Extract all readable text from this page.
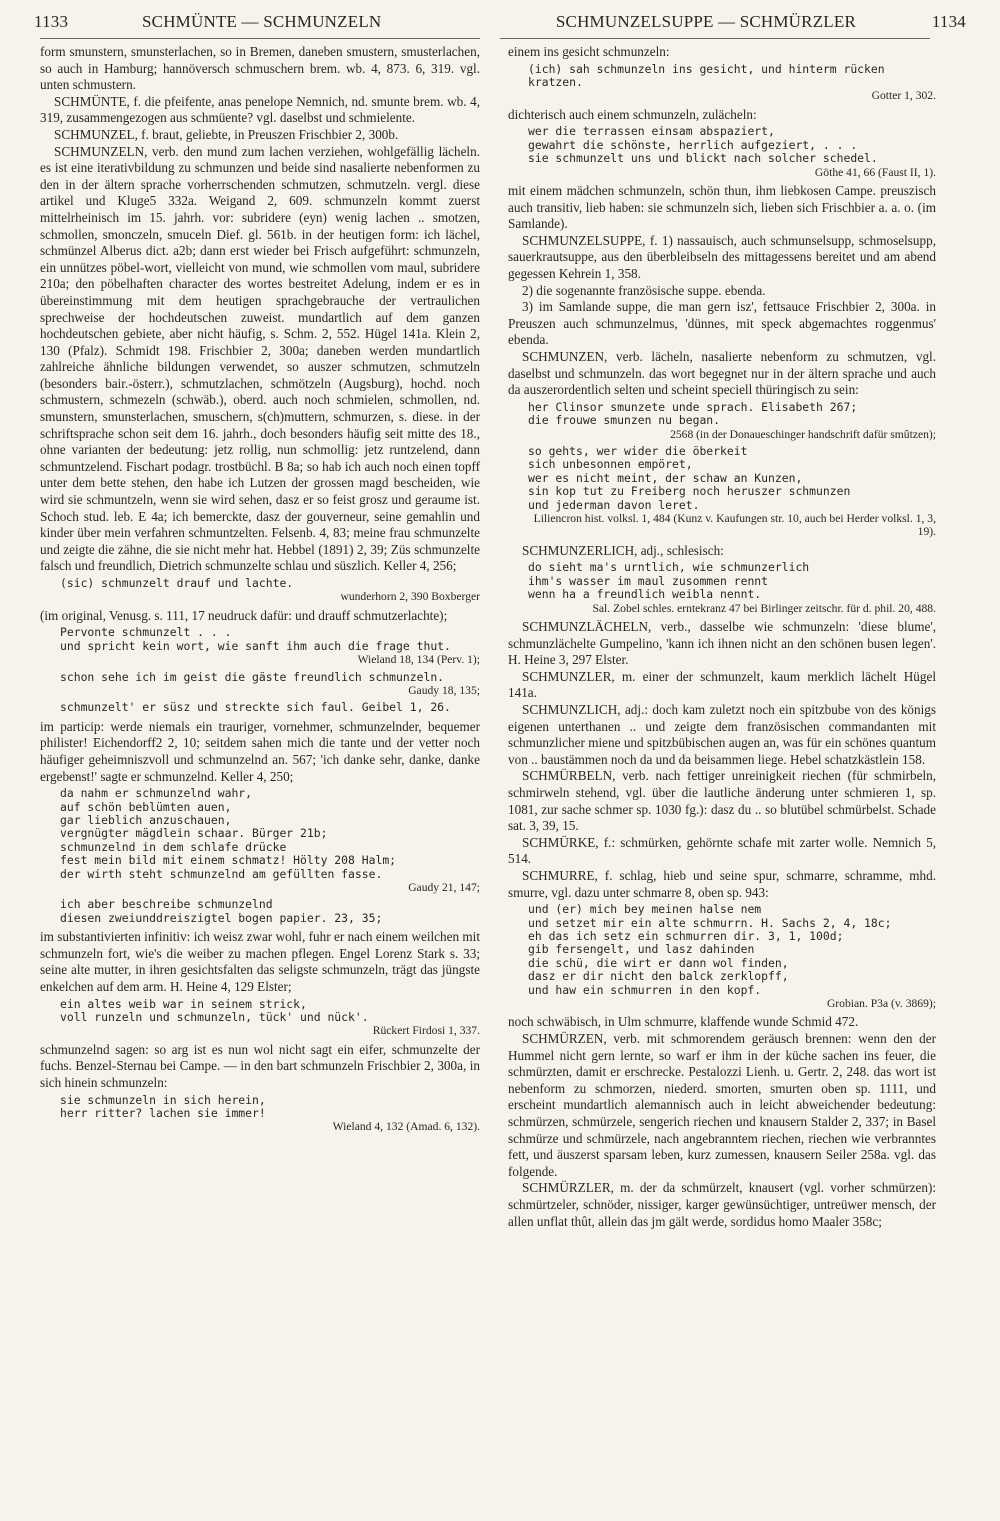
1133	SCHMÜNTE — SCHMUNZELN	SCHMUNZELSUPPE — SCHMÜRZLER	1134

form smunstern, smunsterlachen, so in Bremen, daneben smustern, smusterlachen, so auch in Hamburg; hannöversch schmuschern brem. wb. 4, 873. 6, 319. vgl. unten schmustern.

SCHMÜNTE, f. die pfeifente, anas penelope Nemnich, nd. smunte brem. wb. 4, 319, zusammengezogen aus schmüente? vgl. daselbst und schmielente.

SCHMUNZEL, f. braut, geliebte, in Preuszen Frischbier 2, 300b.

SCHMUNZELN, verb. den mund zum lachen verziehen, wohlgefällig lächeln. es ist eine iterativbildung zu schmunzen und beide sind nasalierte nebenformen zu den in der ältern sprache vorherrschenden schmutzen, schmutzeln. vergl. diese artikel und Kluge5 332a. Weigand 2, 609. schmunzeln kommt zuerst mittelrheinisch im 15. jahrh. vor: subridere (eyn) wenig lachen .. smotzen, schmollen, smonczeln, smuceln Dief. gl. 561b. in der heutigen form: ich lächel, schmünzel Alberus dict. a2b; dann erst wieder bei Frisch aufgeführt: schmunzeln, ein unnützes pöbel-wort, vielleicht von mund, wie schmollen vom maul, subridere 210a; den pöbelhaften character des wortes bestreitet Adelung, indem er es in übereinstimmung mit dem heutigen sprachgebrauche der vertraulichen sprechweise der hochdeutschen zuweist. mundartlich auf dem ganzen hochdeutschen gebiete, aber nicht häufig, s. Schm. 2, 552. Hügel 141a. Klein 2, 130 (Pfalz). Schmidt 198. Frischbier 2, 300a; daneben werden mundartlich zahlreiche ähnliche bildungen verwendet, so auszer schmutzen, schmutzeln (besonders bair.-österr.), schmutzlachen, schmötzeln (Augsburg), hochd. noch schmustern, schmezeln (schwäb.), oberd. auch noch schmielen, schmollen, nd. smunstern, smunsterlachen, smuschern, s(ch)muttern, schmurzen, s. diese. in der schriftsprache schon seit dem 16. jahrh., doch besonders häufig seit mitte des 18., ohne varianten der bedeutung: jetz rollig, nun schmollig: jetz runtzelend, dann schmuntzelend. Fischart podagr. trostbüchl. B 8a; so hab ich auch noch einen topff unter dem bette stehen, den habe ich Lutzen der grossen magd bescheiden, wie wird sie schmuntzeln, wenn sie wird sehen, dasz er so feist grosz und geraume ist. Schoch stud. leb. E 4a; ich bemerckte, dasz der gouverneur, seine gemahlin und kinder über mein verfahren schmuntzelten. Felsenb. 4, 83; meine frau schmunzelte und zeigte die zähne, die sie nicht mehr hat. Hebbel (1891) 2, 39; Züs schmunzelte falsch und freundlich, Dietrich schmunzelte schlau und süszlich. Keller 4, 256;

(sic) schmunzelt drauf und lachte.
wunderhorn 2, 390 Boxberger

(im original, Venusg. s. 111, 17 neudruck dafür: und drauff schmutzerlachte);

Pervonte schmunzelt . . .
und spricht kein wort, wie sanft ihm auch die frage thut.
Wieland 18, 134 (Perv. 1);
schon sehe ich im geist die gäste freundlich schmunzeln.
Gaudy 18, 135;
schmunzelt' er süsz und streckte sich faul. Geibel 1, 26.

im particip: werde niemals ein trauriger, vornehmer, schmunzelnder, bequemer philister! Eichendorff2 2, 10; seitdem sahen mich die tante und der vetter noch häufiger geheimniszvoll und schmunzelnd an. 567; 'ich danke sehr, danke, danke ergebenst!' sagte er schmunzelnd. Keller 4, 250;

da nahm er schmunzelnd wahr,
auf schön beblümten auen,
gar lieblich anzuschauen,
vergnügter mägdlein schaar. Bürger 21b;
schmunzelnd in dem schlafe drücke
fest mein bild mit einem schmatz! Hölty 208 Halm;
der wirth steht schmunzelnd am gefüllten fasse.
Gaudy 21, 147;
ich aber beschreibe schmunzelnd
diesen zweiunddreiszigtel bogen papier. 23, 35;

im substantivierten infinitiv: ich weisz zwar wohl, fuhr er nach einem weilchen mit schmunzeln fort, wie's die weiber zu machen pflegen. Engel Lorenz Stark s. 33; seine alte mutter, in ihren gesichtsfalten das seligste schmunzeln, trägt das jüngste enkelchen auf dem arm. H. Heine 4, 129 Elster;

ein altes weib war in seinem strick,
voll runzeln und schmunzeln, tück' und nück'.
Rückert Firdosi 1, 337.

schmunzelnd sagen: so arg ist es nun wol nicht sagt ein eifer, schmunzelte der fuchs. Benzel-Sternau bei Campe. — in den bart schmunzeln Frischbier 2, 300a, in sich hinein schmunzeln:

sie schmunzeln in sich herein,
herr ritter? lachen sie immer!
Wieland 4, 132 (Amad. 6, 132).

einem ins gesicht schmunzeln:

(ich) sah schmunzeln ins gesicht, und hinterm rücken kratzen.
Gotter 1, 302.

dichterisch auch einem schmunzeln, zulächeln:

wer die terrassen einsam abspaziert,
gewahrt die schönste, herrlich aufgeziert, . . .
sie schmunzelt uns und blickt nach solcher schedel.
Göthe 41, 66 (Faust II, 1).

mit einem mädchen schmunzeln, schön thun, ihm liebkosen Campe. preuszisch auch transitiv, lieb haben: sie schmunzeln sich, lieben sich Frischbier a. a. o. (im Samlande).

SCHMUNZELSUPPE, f. 1) nassauisch, auch schmunselsupp, schmoselsupp, sauerkrautsuppe, aus den überbleibseln des mittagessens bereitet und am abend gegessen Kehrein 1, 358.

2) die sogenannte französische suppe. ebenda.

3) im Samlande suppe, die man gern isz', fettsauce Frischbier 2, 300a. in Preuszen auch schmunzelmus, 'dünnes, mit speck abgemachtes roggenmus' ebenda.

SCHMUNZEN, verb. lächeln, nasalierte nebenform zu schmutzen, vgl. daselbst und schmunzeln. das wort begegnet nur in der ältern sprache und auch da auszerordentlich selten und scheint speciell thüringisch zu sein:

her Clinsor smunzete unde sprach. Elisabeth 267;
die frouwe smunzen nu began.
2568 (in der Donaueschinger handschrift dafür smûtzen);
so gehts, wer wider die öberkeit
sich unbesonnen empöret,
wer es nicht meint, der schaw an Kunzen,
sin kop tut zu Freiberg noch heruszer schmunzen
und jederman davon leret.
Liliencron hist. volksl. 1, 484 (Kunz v. Kaufungen str. 10, auch bei Herder volksl. 1, 3, 19).

SCHMUNZERLICH, adj., schlesisch:

do sieht ma's urntlich, wie schmunzerlich
ihm's wasser im maul zusommen rennt
wenn ha a freundlich weibla nennt.
Sal. Zobel schles. erntekranz 47 bei Birlinger zeitschr. für d. phil. 20, 488.

SCHMUNZLÄCHELN, verb., dasselbe wie schmunzeln: 'diese blume', schmunzlächelte Gumpelino, 'kann ich ihnen nicht an den schönen busen legen'. H. Heine 3, 297 Elster.

SCHMUNZLER, m. einer der schmunzelt, kaum merklich lächelt Hügel 141a.

SCHMUNZLICH, adj.: doch kam zuletzt noch ein spitzbube von des königs eigenen unterthanen .. und zeigte dem französischen commandanten mit schmunzlicher miene und spitzbübischen augen an, was für ein schönes quantum von .. baustämmen noch da und da beisammen liege. Hebel schatzkästlein 158.

SCHMÜRBELN, verb. nach fettiger unreinigkeit riechen (für schmirbeln, schmirweln stehend, vgl. über die lautliche änderung unter schmieren 1, sp. 1081, zur sache schmer sp. 1030 fg.): dasz du .. so blutübel schmürbelst. Schade sat. 3, 39, 15.

SCHMÜRKE, f.: schmürken, gehörnte schafe mit zarter wolle. Nemnich 5, 514.

SCHMURRE, f. schlag, hieb und seine spur, schmarre, schramme, mhd. smurre, vgl. dazu unter schmarre 8, oben sp. 943:

und (er) mich bey meinen halse nem
und setzet mir ein alte schmurrn. H. Sachs 2, 4, 18c;
eh das ich setz ein schmurren dir. 3, 1, 100d;
gib fersengelt, und lasz dahinden
die schü, die wirt er dann wol finden,
dasz er dir nicht den balck zerklopff,
und haw ein schmurren in den kopf.
Grobian. P3a (v. 3869);

noch schwäbisch, in Ulm schmurre, klaffende wunde Schmid 472.

SCHMÜRZEN, verb. mit schmorendem geräusch brennen: wenn den der Hummel nicht gern lernte, so warf er ihm in der küche sachen ins feuer, die schmürzten, damit er erschrecke. Pestalozzi Lienh. u. Gertr. 2, 248. das wort ist nebenform zu schmorzen, niederd. smorten, smurten oben sp. 1111, und erscheint mundartlich alemannisch auch in leicht abweichender bedeutung: schmürzen, schmürzele, sengerich riechen und knausern Stalder 2, 337; in Basel schmürze und schmürzele, nach angebranntem riechen, riechen wie verbranntes fett, und äuszerst sparsam leben, kurz zumessen, knausern Seiler 258a. vgl. das folgende.

SCHMÜRZLER, m. der da schmürzelt, knausert (vgl. vorher schmürzen): schmürtzeler, schnöder, nissiger, karger gewünsüchtiger, untreüwer mensch, der allen unflat thût, allein das jm gält werde, sordidus homo Maaler 358c;
